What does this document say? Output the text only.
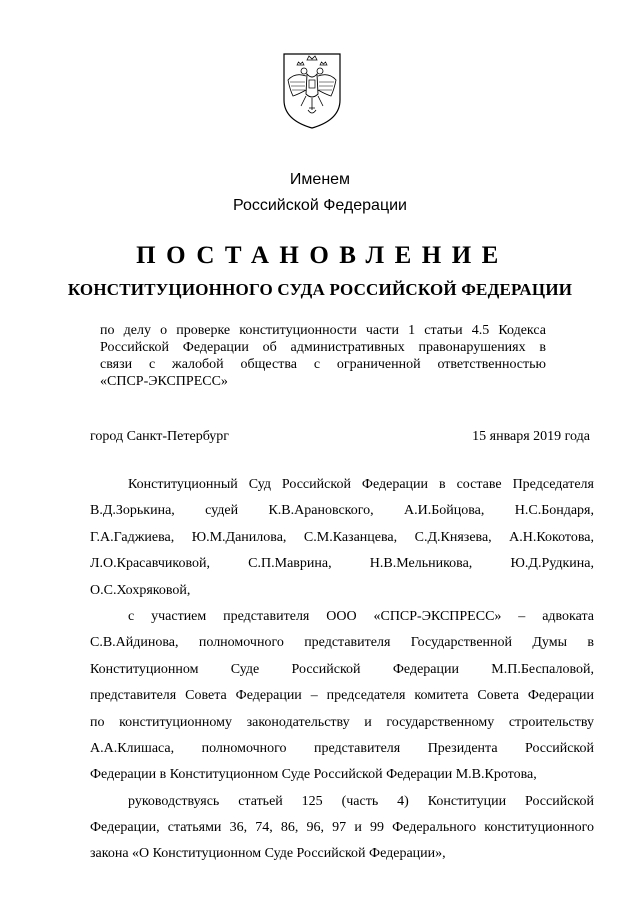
Именем
Российской Федерации
ПОСТАНОВЛЕНИЕ
КОНСТИТУЦИОННОГО СУДА РОССИЙСКОЙ ФЕДЕРАЦИИ
по делу о проверке конституционности части 1 статьи 4.5 Кодекса
Российской Федерации об административных правонарушениях в
связи с жалобой общества с ограниченной ответственностью
«СПСР-ЭКСПРЕСС»
город Санкт-Петербург	15 января 2019 года
Конституционный Суд Российской Федерации в составе Председателя
В.Д.Зорькина, судей К.В.Арановского, А.И.Бойцова, Н.С.Бондаря,
Г.А.Гаджиева, Ю.М.Данилова, С.М.Казанцева, С.Д.Князева, А.Н.Кокотова,
Л.О.Красавчиковой, С.П.Маврина, Н.В.Мельникова, Ю.Д.Рудкина,
О.С.Хохряковой,
с участием представителя ООО «СПСР-ЭКСПРЕСС» – адвоката
С.В.Айдинова, полномочного представителя Государственной Думы в
Конституционном Суде Российской Федерации М.П.Беспаловой,
представителя Совета Федерации – председателя комитета Совета Федерации
по конституционному законодательству и государственному строительству
А.А.Клишаса, полномочного представителя Президента Российской
Федерации в Конституционном Суде Российской Федерации М.В.Кротова,
руководствуясь статьей 125 (часть 4) Конституции Российской
Федерации, статьями 36, 74, 86, 96, 97 и 99 Федерального конституционного
закона «О Конституционном Суде Российской Федерации»,
